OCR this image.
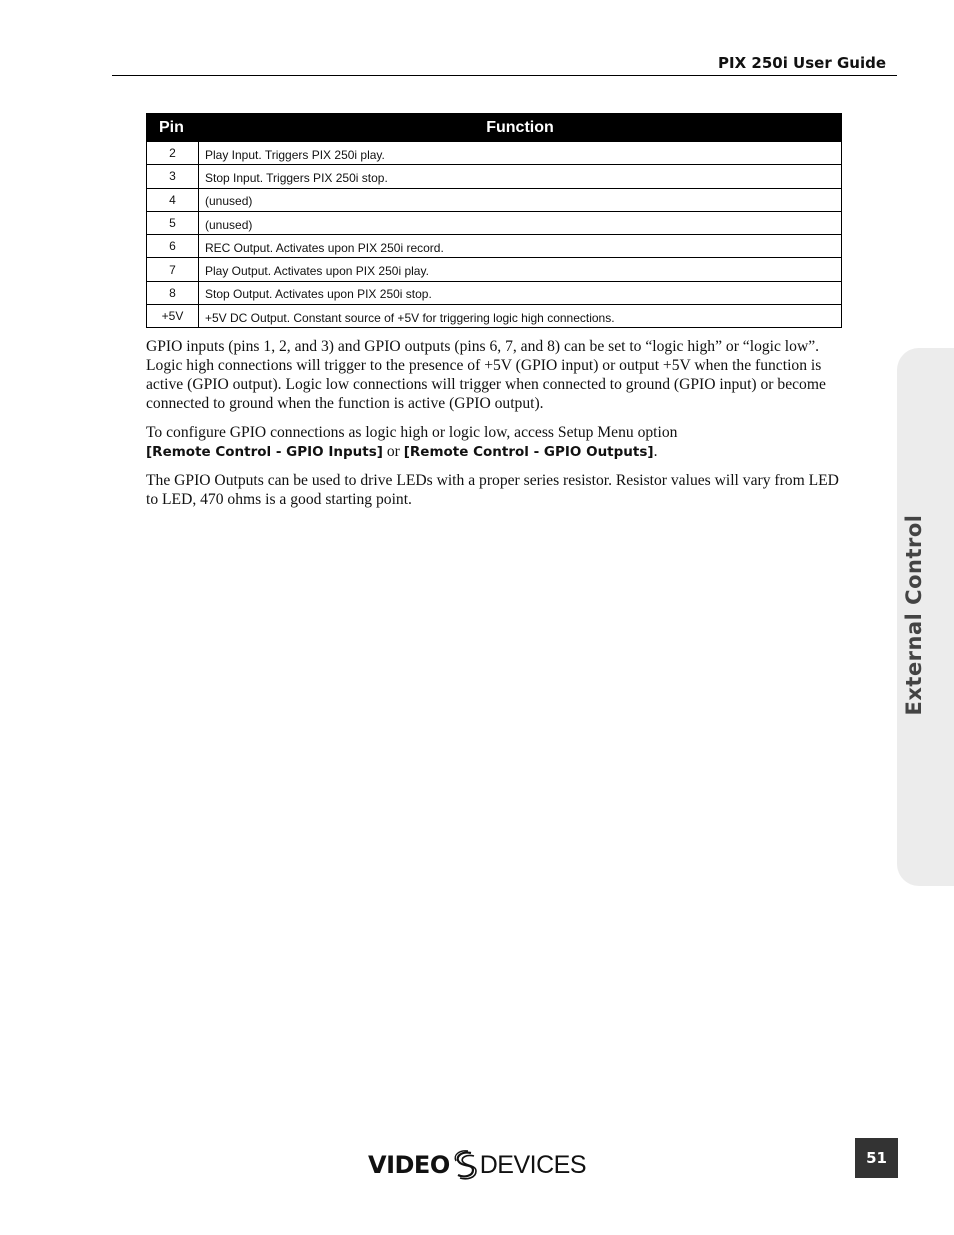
PIX 250i User Guide
Pin	Function
2	Play Input. Triggers PIX 250i play.
3	Stop Input. Triggers PIX 250i stop.
4	(unused)
5	(unused)
6	REC Output. Activates upon PIX 250i record.
7	Play Output. Activates upon PIX 250i play.
8	Stop Output. Activates upon PIX 250i stop.
+5V	+5V DC Output. Constant source of +5V for triggering logic high connections.

GPIO inputs (pins 1, 2, and 3) and GPIO outputs (pins 6, 7, and 8) can be set to “logic high” or “logic low”. Logic high connections will trigger to the presence of +5V (GPIO input) or output +5V when the function is active (GPIO output). Logic low connections will trigger when connected to ground (GPIO input) or become connected to ground when the function is active (GPIO output).

To configure GPIO connections as logic high or logic low, access Setup Menu option
[Remote Control - GPIO Inputs] or [Remote Control - GPIO Outputs].

The GPIO Outputs can be used to drive LEDs with a proper series resistor. Resistor values will vary from LED to LED, 470 ohms is a good starting point.

External Control
VIDEO DEVICES	51
